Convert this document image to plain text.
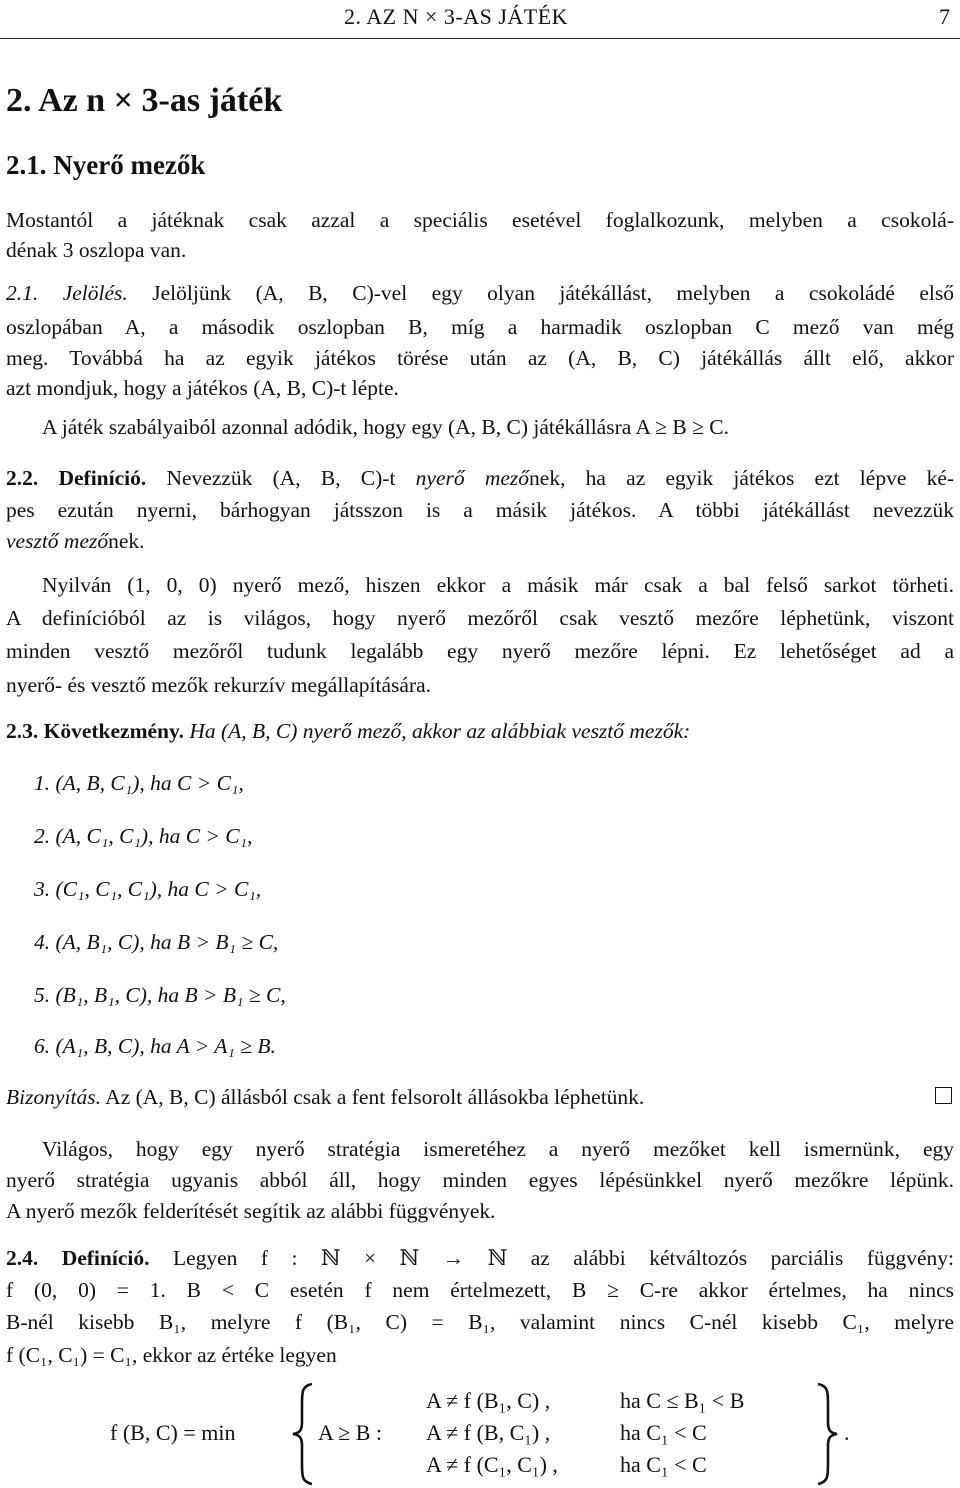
2. AZ N × 3-AS JÁTÉK	7
2. Az n × 3-as játék
2.1. Nyerő mezők
Mostantól a játéknak csak azzal a speciális esetével foglalkozunk, melyben a csokolá-
dénak 3 oszlopa van.
2.1. Jelölés. Jelöljünk (A, B, C)-vel egy olyan játékállást, melyben a csokoládé első
oszlopában A, a második oszlopban B, míg a harmadik oszlopban C mező van még
meg. Továbbá ha az egyik játékos törése után az (A, B, C) játékállás állt elő, akkor
azt mondjuk, hogy a játékos (A, B, C)-t lépte.
A játék szabályaiból azonnal adódik, hogy egy (A, B, C) játékállásra A ≥ B ≥ C.
2.2. Definíció. Nevezzük (A, B, C)-t nyerő mezőnek, ha az egyik játékos ezt lépve ké-
pes ezután nyerni, bárhogyan játsszon is a másik játékos. A többi játékállást nevezzük
vesztő mezőnek.
Nyilván (1, 0, 0) nyerő mező, hiszen ekkor a másik már csak a bal felső sarkot törheti.
A definícióból az is világos, hogy nyerő mezőről csak vesztő mezőre léphetünk, viszont
minden vesztő mezőről tudunk legalább egy nyerő mezőre lépni. Ez lehetőséget ad a
nyerő- és vesztő mezők rekurzív megállapítására.
2.3. Következmény. Ha (A, B, C) nyerő mező, akkor az alábbiak vesztő mezők:
1. (A, B, C₁), ha C > C₁,
2. (A, C₁, C₁), ha C > C₁,
3. (C₁, C₁, C₁), ha C > C₁,
4. (A, B₁, C), ha B > B₁ ≥ C,
5. (B₁, B₁, C), ha B > B₁ ≥ C,
6. (A₁, B, C), ha A > A₁ ≥ B.
Bizonyítás. Az (A, B, C) állásból csak a fent felsorolt állásokba léphetünk.
Világos, hogy egy nyerő stratégia ismeretéhez a nyerő mezőket kell ismernünk, egy
nyerő stratégia ugyanis abból áll, hogy minden egyes lépésünkkel nyerő mezőkre lépünk.
A nyerő mezők felderítését segítik az alábbi függvények.
2.4. Definíció. Legyen f : ℕ × ℕ → ℕ az alábbi kétváltozós parciális függvény:
f (0, 0) = 1. B < C esetén f nem értelmezett, B ≥ C-re akkor értelmes, ha nincs
B-nél kisebb B₁, melyre f (B₁, C) = B₁, valamint nincs C-nél kisebb C₁, melyre
f (C₁, C₁) = C₁, ekkor az értéke legyen
f (B, C) = min	A ≥ B :
A ≠ f (B₁, C) ,	ha C ≤ B₁ < B
A ≠ f (B, C₁) ,	ha C₁ < C
A ≠ f (C₁, C₁) ,	ha C₁ < C
.
